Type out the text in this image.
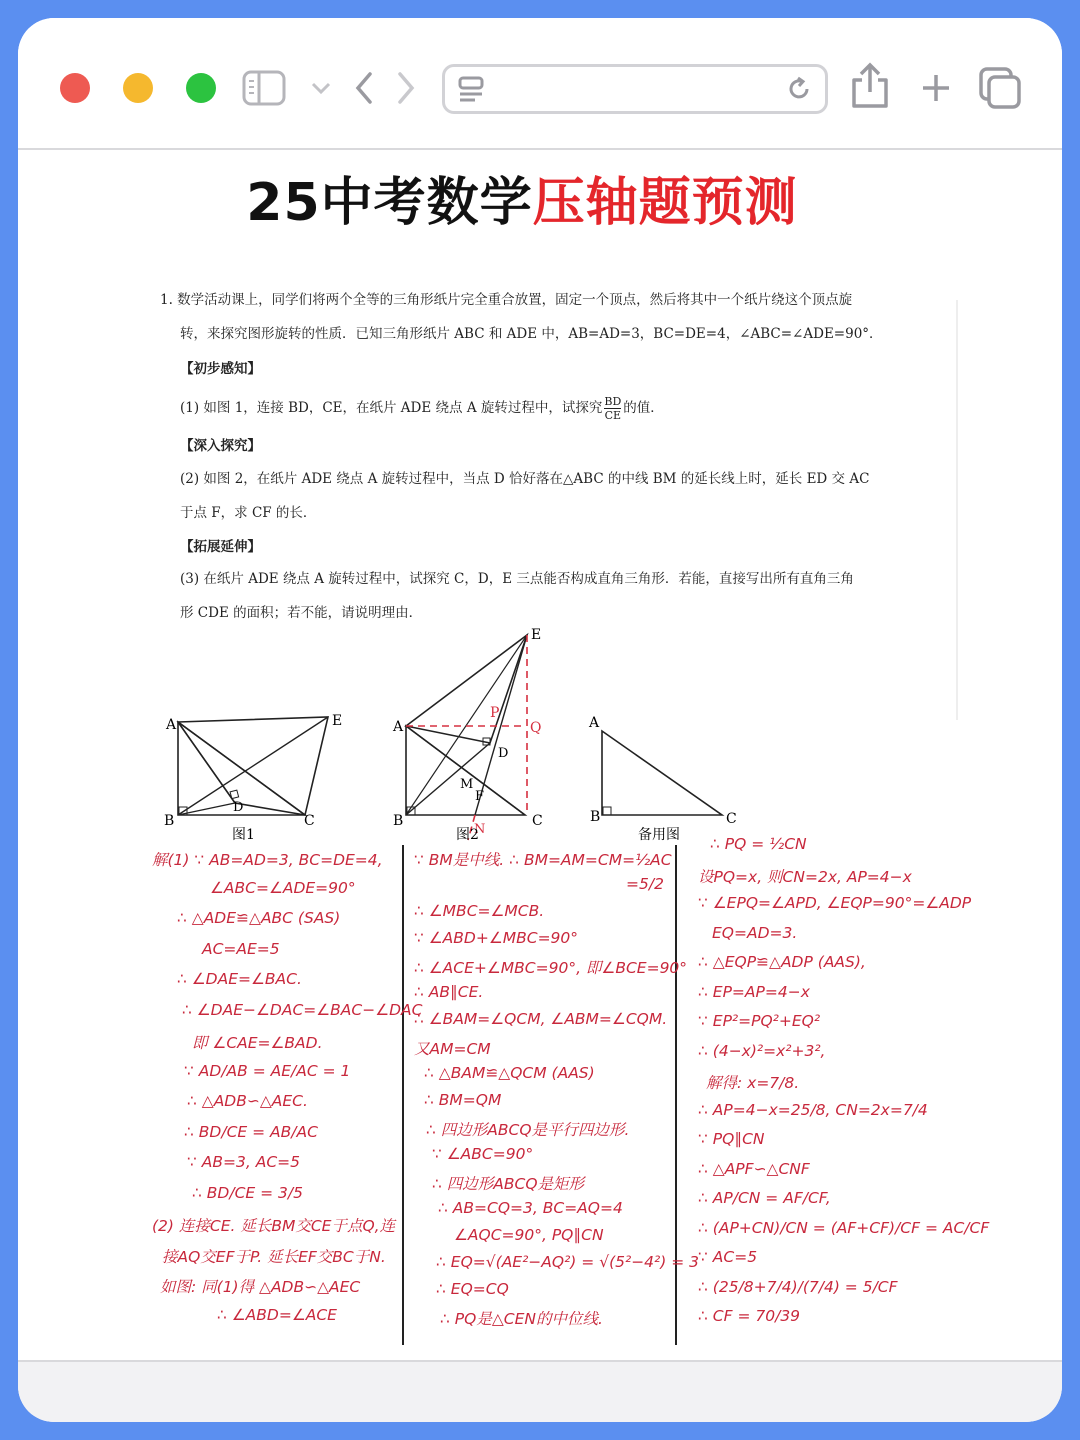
25中考数学压轴题预测
1. 数学活动课上，同学们将两个全等的三角形纸片完全重合放置，固定一个顶点，然后将其中一个纸片绕这个顶点旋
转，来探究图形旋转的性质．已知三角形纸片 ABC 和 ADE 中，AB=AD=3，BC=DE=4，∠ABC=∠ADE=90°．
【初步感知】
(1) 如图 1，连接 BD，CE，在纸片 ADE 绕点 A 旋转过程中，试探究 $\frac{BD}{CE}$ 的值．
【深入探究】
(2) 如图 2，在纸片 ADE 绕点 A 旋转过程中，当点 D 恰好落在△ABC 的中线 BM 的延长线上时，延长 ED 交 AC
于点 F，求 CF 的长．
【拓展延伸】
(3) 在纸片 ADE 绕点 A 旋转过程中，试探究 C，D，E 三点能否构成直角三角形．若能，直接写出所有直角三角
形 CDE 的面积；若不能，请说明理由．
A
B	C
D
E
图1
A
B	C
D
E
M
F
P
Q
N
图2
A
B	C
备用图
解(1) ∵ AB=AD=3, BC=DE=4,
∠ABC=∠ADE=90°
∴ △ADE≌△ABC (SAS)
AC=AE=5
∴ ∠DAE=∠BAC.
∴ ∠DAE−∠DAC=∠BAC−∠DAC
即 ∠CAE=∠BAD.
∵ AD/AB = AE/AC = 1
∴ △ADB∽△AEC.
∴ BD/CE = AB/AC
∵ AB=3, AC=5
∴ BD/CE = 3/5
(2) 连接CE. 延长BM交CE于点Q,连
接AQ交EF于P. 延长EF交BC于N.
如图: 同(1)得 △ADB∽△AEC
∴ ∠ABD=∠ACE
∵ BM是中线. ∴ BM=AM=CM=½AC
=5/2
∴ ∠MBC=∠MCB.
∵ ∠ABD+∠MBC=90°
∴ ∠ACE+∠MBC=90°, 即∠BCE=90°
∴ AB∥CE.
∴ ∠BAM=∠QCM, ∠ABM=∠CQM.
又AM=CM
∴ △BAM≌△QCM (AAS)
∴ BM=QM
∴ 四边形ABCQ是平行四边形.
∵ ∠ABC=90°
∴ 四边形ABCQ是矩形
∴ AB=CQ=3, BC=AQ=4
∠AQC=90°, PQ∥CN
∴ EQ=√(AE²−AQ²) = √(5²−4²) = 3
∴ EQ=CQ
∴ PQ是△CEN的中位线.
∴ PQ = ½CN
设PQ=x, 则CN=2x, AP=4−x
∵ ∠EPQ=∠APD, ∠EQP=90°=∠ADP
EQ=AD=3.
∴ △EQP≌△ADP (AAS),
∴ EP=AP=4−x
∵ EP²=PQ²+EQ²
∴ (4−x)²=x²+3²,
解得: x=7/8.
∴ AP=4−x=25/8, CN=2x=7/4
∵ PQ∥CN
∴ △APF∽△CNF
∴ AP/CN = AF/CF,
∴ (AP+CN)/CN = (AF+CF)/CF = AC/CF
∵ AC=5
∴ (25/8+7/4)/(7/4) = 5/CF
∴ CF = 70/39
